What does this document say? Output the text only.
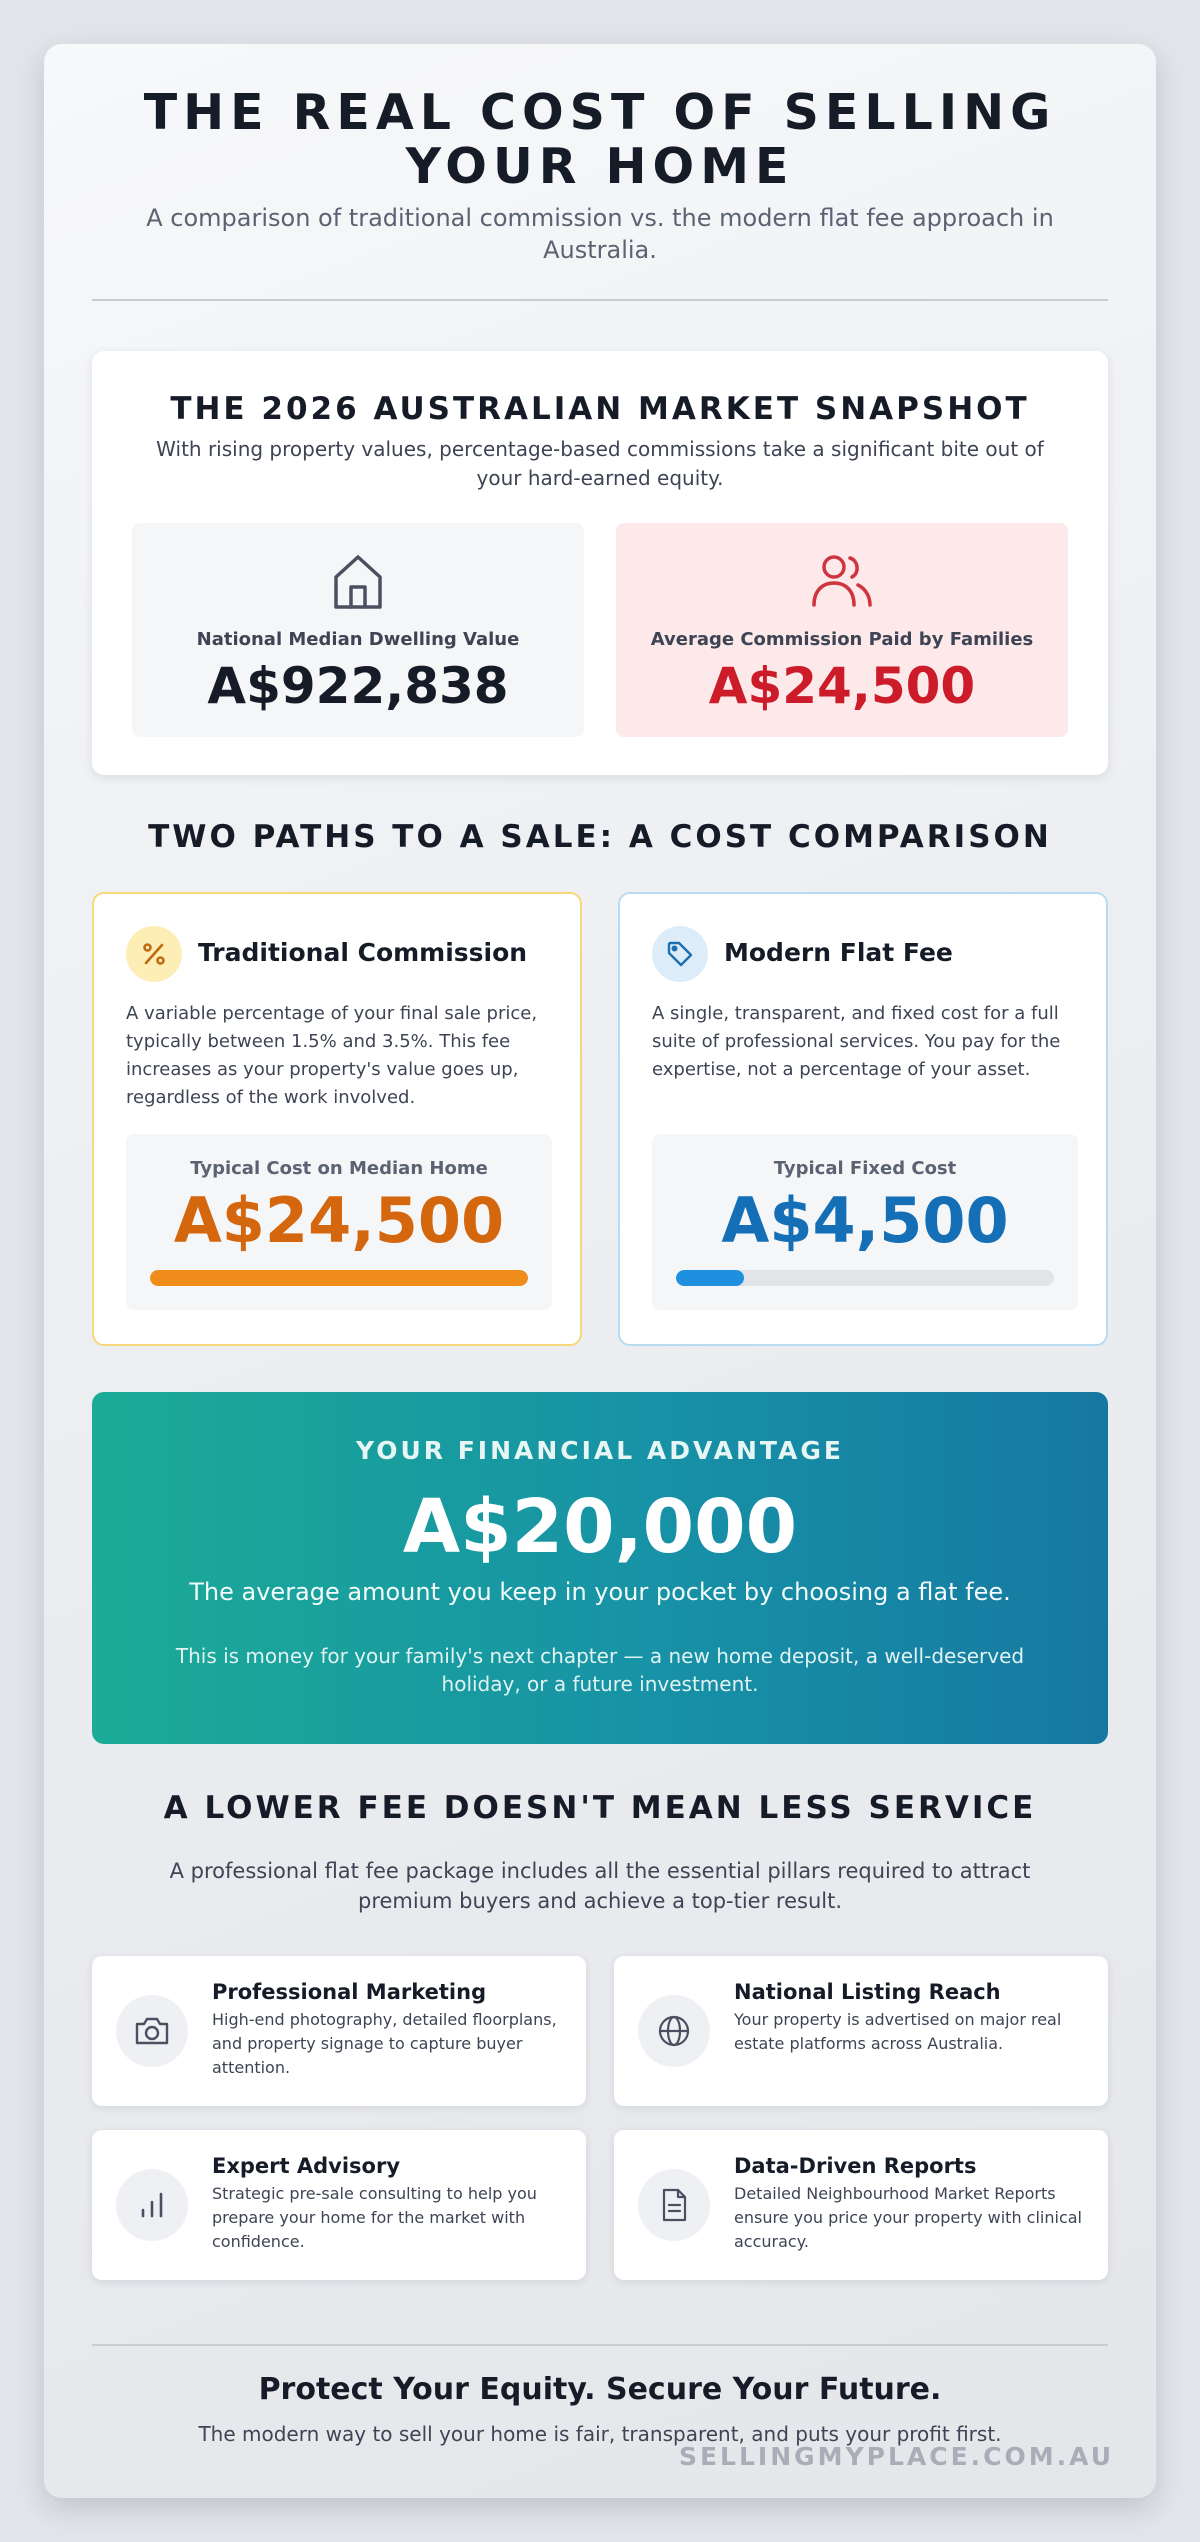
THE REAL COST OF SELLING YOUR HOME

A comparison of traditional commission vs. the modern flat fee approach in Australia.

THE 2026 AUSTRALIAN MARKET SNAPSHOT

With rising property values, percentage-based commissions take a significant bite out of your hard-earned equity.

National Median Dwelling Value
A$922,838
Average Commission Paid by Families
A$24,500
TWO PATHS TO A SALE: A COST COMPARISON
Traditional Commission

A variable percentage of your final sale price, typically between 1.5% and 3.5%. This fee increases as your property's value goes up, regardless of the work involved.

Typical Cost on Median Home
A$24,500
Modern Flat Fee

A single, transparent, and fixed cost for a full suite of professional services. You pay for the expertise, not a percentage of your asset.

Typical Fixed Cost
A$4,500
YOUR FINANCIAL ADVANTAGE
A$20,000
The average amount you keep in your pocket by choosing a flat fee.

This is money for your family's next chapter — a new home deposit, a well-deserved holiday, or a future investment.

A LOWER FEE DOESN'T MEAN LESS SERVICE

A professional flat fee package includes all the essential pillars required to attract premium buyers and achieve a top-tier result.

Professional Marketing
High-end photography, detailed floorplans, and property signage to capture buyer attention.
National Listing Reach
Your property is advertised on major real estate platforms across Australia.
Expert Advisory
Strategic pre-sale consulting to help you prepare your home for the market with confidence.
Data-Driven Reports
Detailed Neighbourhood Market Reports ensure you price your property with clinical accuracy.
Protect Your Equity. Secure Your Future.

The modern way to sell your home is fair, transparent, and puts your profit first.

SELLINGMYPLACE.COM.AU
